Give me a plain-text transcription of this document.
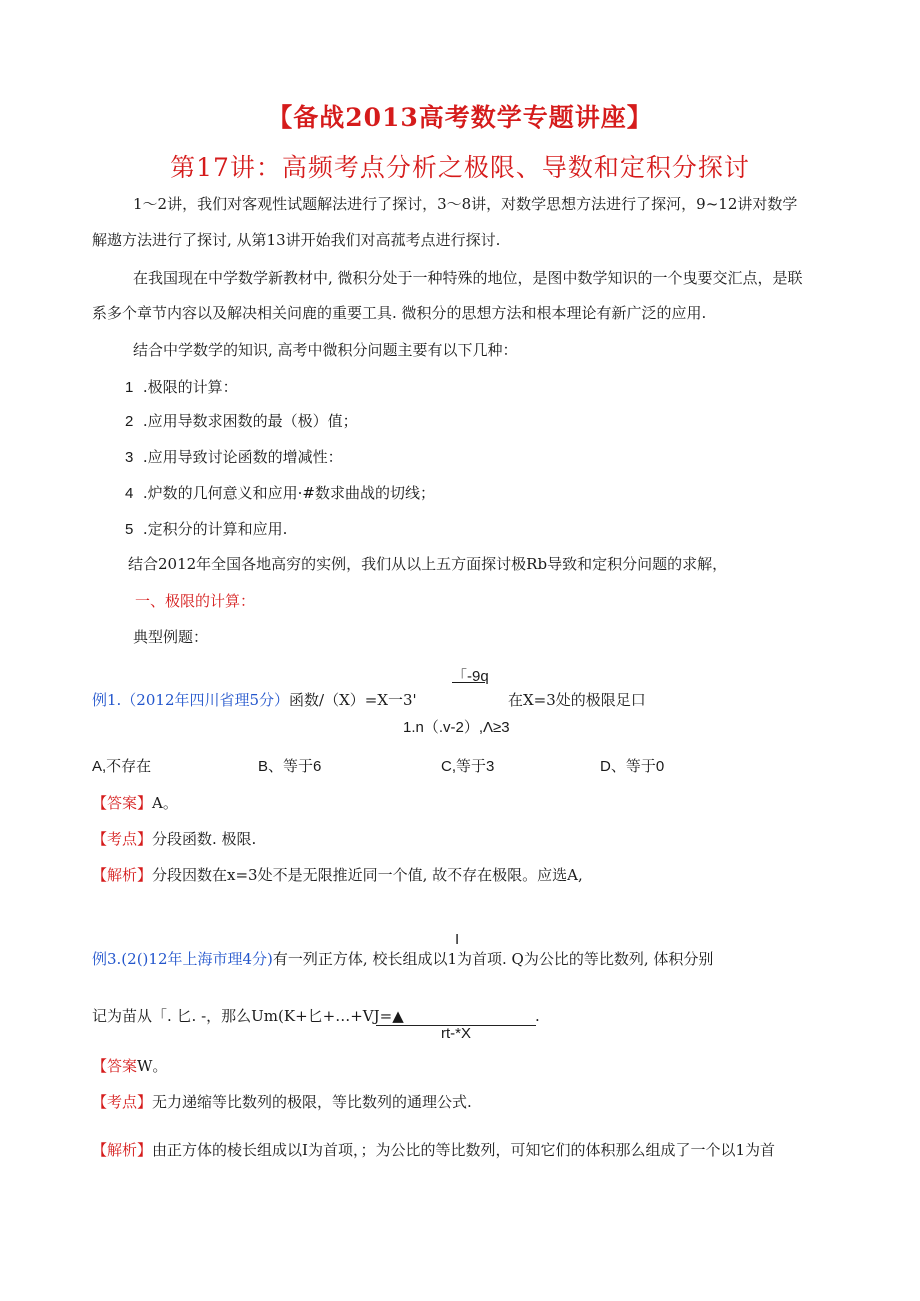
【备战2013高考数学专题讲座】
第17讲：高频考点分析之极限、导数和定积分探讨
1～2讲，我们对客观性试题解法进行了探讨，3～8讲，对数学思想方法进行了探河，9~12讲对数学
解遨方法进行了探讨, 从第13讲开始我们对高菰考点进行探讨.
在我国现在中学数学新教材中, 微积分处于一种特殊的地位，是图中数学知识的一个曳要交汇点，是联
系多个章节内容以及解决相关问鹿的重要工具. 微积分的思想方法和根本理论有新广泛的应用.
结合中学数学的知识, 高考中微积分问题主要有以下几种：
1 .极限的计算：
2 .应用导数求困数的最（极）值；
3 .应用导致讨论函数的增减性：
4 .炉数的几何意义和应用·#数求曲战的切线；
5 .定积分的计算和应用.
结合2012年全国各地高穷的实例，我们从以上五方面探讨极Rb导致和定积分问题的求解，
一、极限的计算：
典型例题：
「-9q
例1.（2012年四川省理5分）函数/（X）=X一3'	在X=3处的极限足口
1.n（.v-2）,Λ≥3
A,不存在	B、等于6	C,等于3	D、等于0
【答案】A。
【考点】分段函数. 极限.
【解析】分段因数在x=3处不是无限推近同一个值, 故不存在极限。应选A,
I
例3.(2()12年上海市理4分)有一列正方体, 校长组成以1为首项. Q为公比的等比数列, 体积分别
记为苗从「. 匕. -，那么Um(K+匕+…+VJ=▲	.
rt-*X
【答案W。
【考点】无力递缩等比数列的极限，等比数列的通理公式.
【解析】由正方体的棱长组成以I为首项，；为公比的等比数列，可知它们的体积那么组成了一个以1为首
